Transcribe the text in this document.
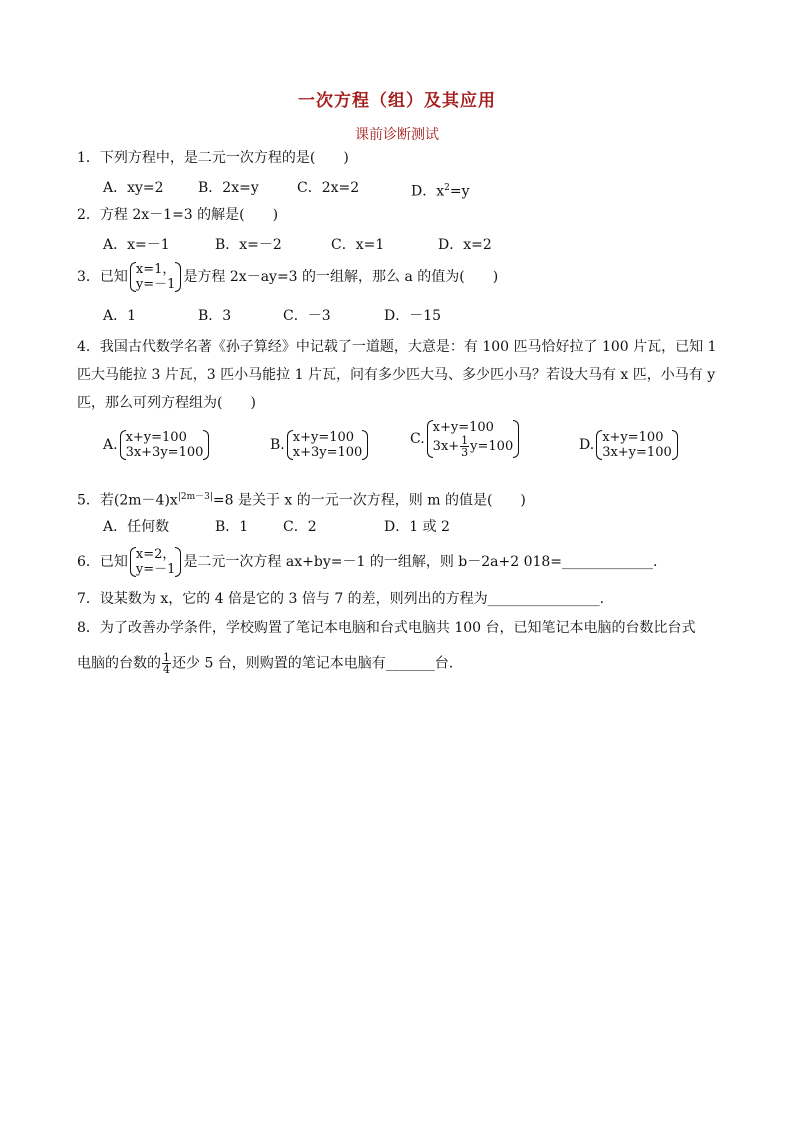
一次方程（组）及其应用
课前诊断测试
1．下列方程中，是二元一次方程的是(　　)
A．xy=2 B．2x=y	C．2x=2	D．$x^2=y$
2．方程 2x－1=3 的解是(　　)
A．x=－1	B．x=－2	C．x=1	D．x=2
3．已知 x=1，
y=－1 是方程 2x－ay=3 的一组解，那么 a 的值为(　　)
A．1	B．3	C．－3	D．－15
4．我国古代数学名著《孙子算经》中记载了一道题，大意是：有 100 匹马恰好拉了 100 片瓦，已知 1
匹大马能拉 3 片瓦，3 匹小马能拉 1 片瓦，问有多少匹大马、多少匹小马？若设大马有 x 匹，小马有 y
匹，那么可列方程组为(　　)
A. x+y=100
3x+3y=100	B. x+y=100
x+3y=100
C.
x+y=100
$3x+ \frac{1}{3} y=100$	D. x+y=100
3x+y=100
5．若$(2m-4)x^{|2m-3|}=8$ 是关于 x 的一元一次方程，则 m 的值是(　　)
A．任何数	B．1 C．2	D．1 或 2
6．已知 x=2，
y=－1 是二元一次方程 ax+by=－1 的一组解，则 b－2a+2 018=_____________.
7．设某数为 x，它的 4 倍是它的 3 倍与 7 的差，则列出的方程为________________.
8．为了改善办学条件，学校购置了笔记本电脑和台式电脑共 100 台，已知笔记本电脑的台数比台式
电脑的台数的 $\frac{1}{4}$ 还少 5 台，则购置的笔记本电脑有_______台.
